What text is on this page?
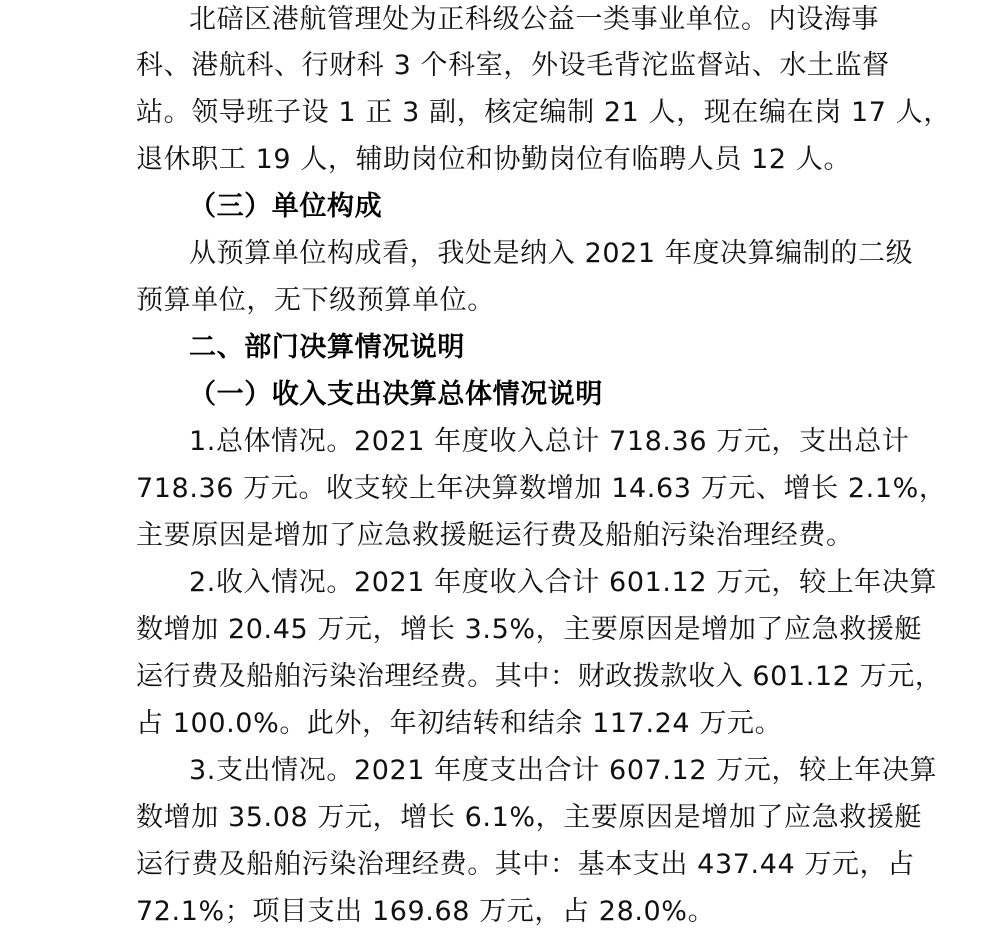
北碚区港航管理处为正科级公益一类事业单位。内设海事
科、港航科、行财科 3 个科室，外设毛背沱监督站、水土监督
站。领导班子设 1 正 3 副，核定编制 21 人，现在编在岗 17 人，
退休职工 19 人，辅助岗位和协勤岗位有临聘人员 12 人。
（三）单位构成
从预算单位构成看，我处是纳入 2021 年度决算编制的二级
预算单位，无下级预算单位。
二、部门决算情况说明
（一）收入支出决算总体情况说明
1.总体情况。2021 年度收入总计 718.36 万元，支出总计
718.36 万元。收支较上年决算数增加 14.63 万元、增长 2.1%，
主要原因是增加了应急救援艇运行费及船舶污染治理经费。
2.收入情况。2021 年度收入合计 601.12 万元，较上年决算
数增加 20.45 万元，增长 3.5%，主要原因是增加了应急救援艇
运行费及船舶污染治理经费。其中：财政拨款收入 601.12 万元，
占 100.0%。此外，年初结转和结余 117.24 万元。
3.支出情况。2021 年度支出合计 607.12 万元，较上年决算
数增加 35.08 万元，增长 6.1%，主要原因是增加了应急救援艇
运行费及船舶污染治理经费。其中：基本支出 437.44 万元，占
72.1%；项目支出 169.68 万元，占 28.0%。
